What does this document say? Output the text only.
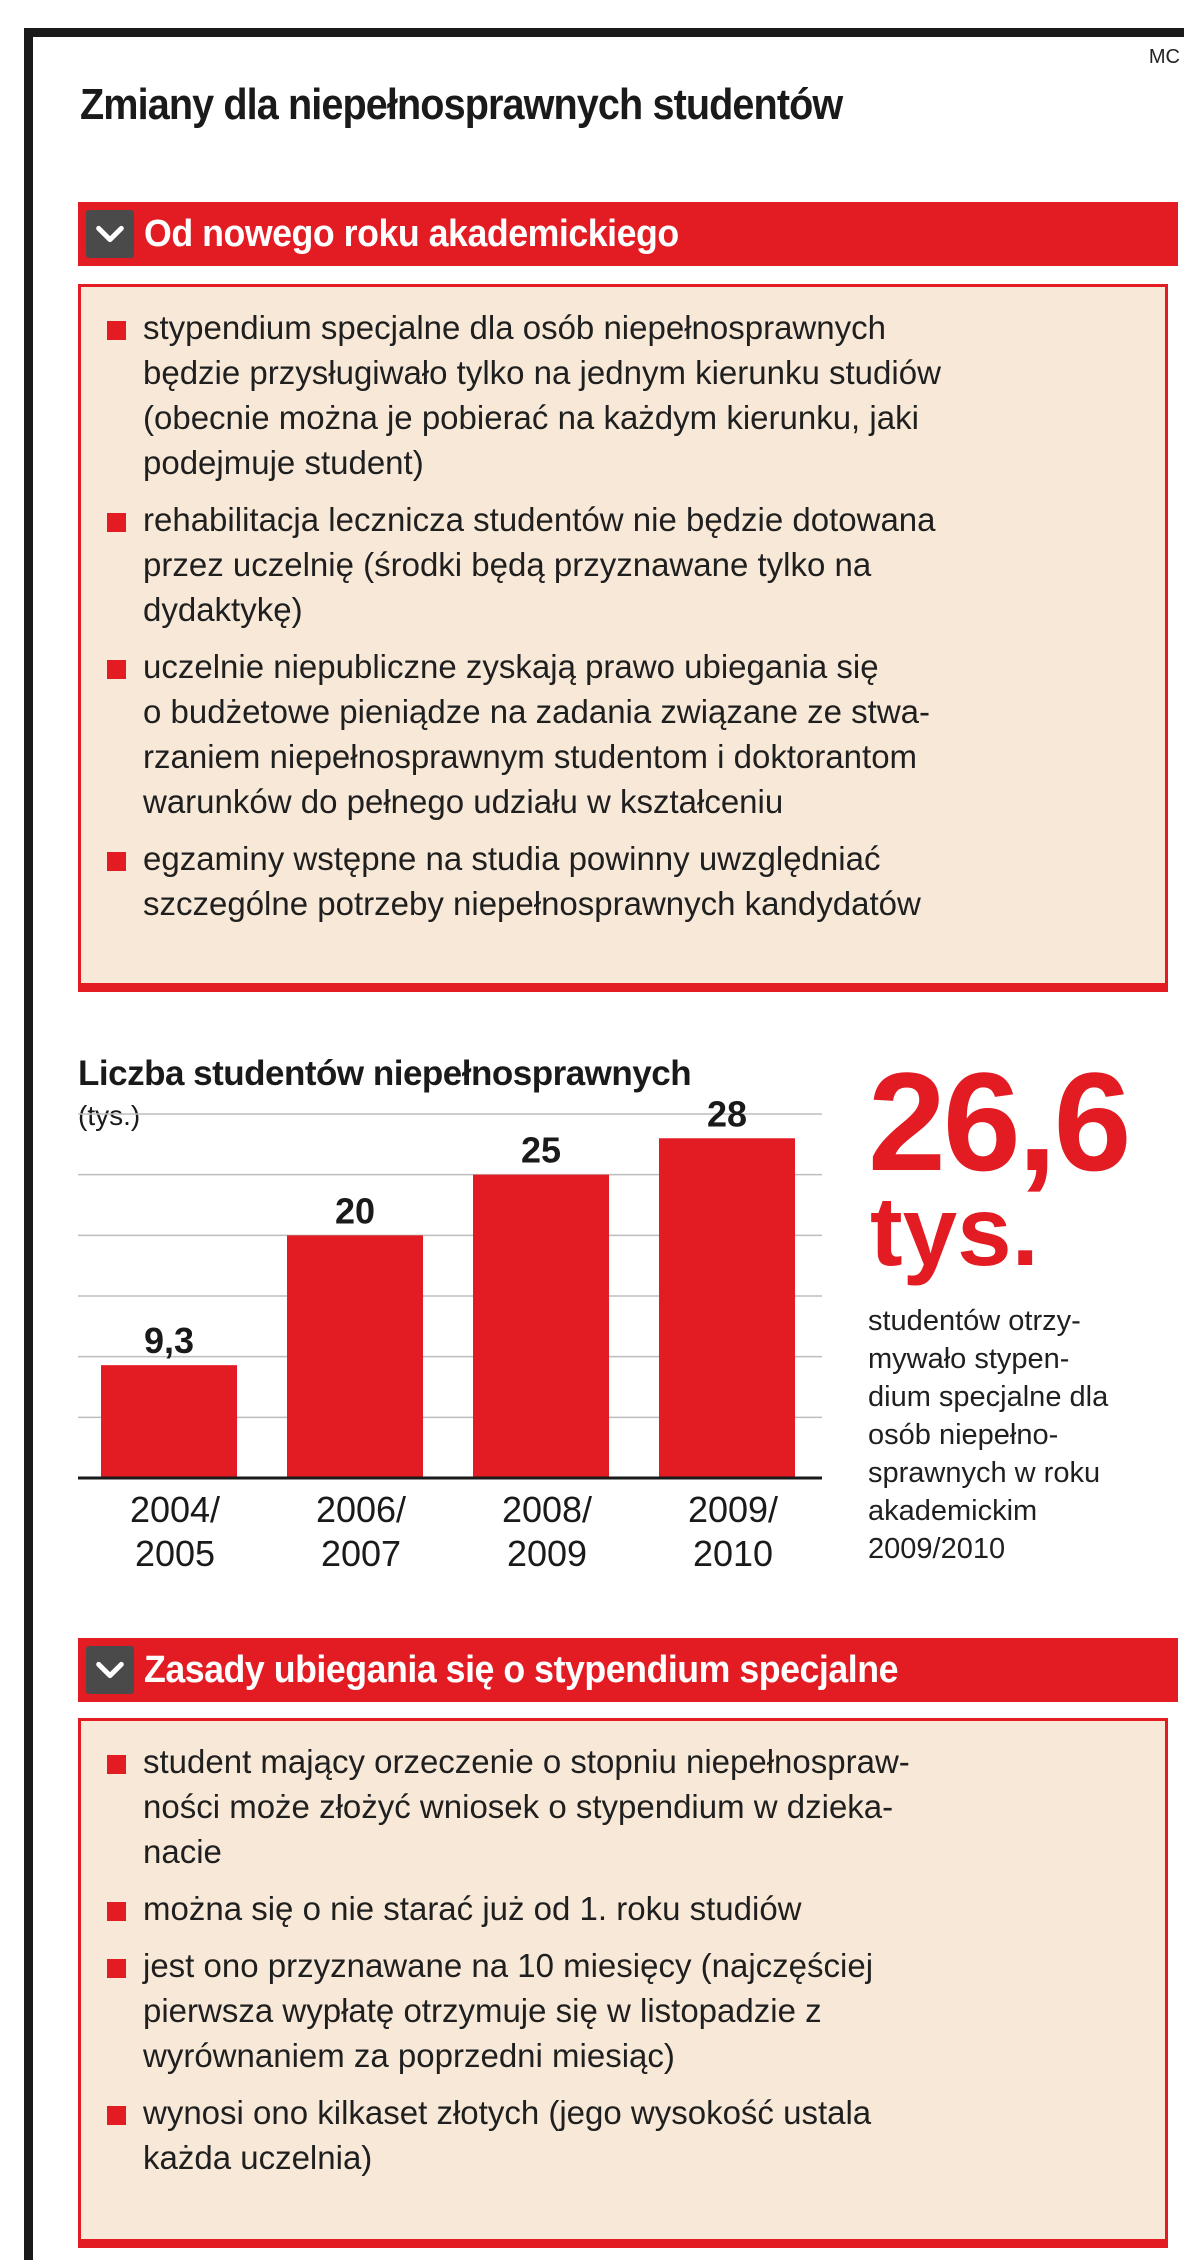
MC
Zmiany dla niepełnosprawnych studentów
Od nowego roku akademickiego
stypendium specjalne dla osób niepełnosprawnych
będzie przysługiwało tylko na jednym kierunku studiów
(obecnie można je pobierać na każdym kierunku, jaki
podejmuje student)
rehabilitacja lecznicza studentów nie będzie dotowana
przez uczelnię (środki będą przyznawane tylko na
dydaktykę)
uczelnie niepubliczne zyskają prawo ubiegania się
o budżetowe pieniądze na zadania związane ze stwa-
rzaniem niepełnosprawnym studentom i doktorantom
warunków do pełnego udziału w kształceniu
egzaminy wstępne na studia powinny uwzględniać
szczególne potrzeby niepełnosprawnych kandydatów
Liczba studentów niepełnosprawnych
(tys.)
9,3
2004/
2005
20
2006/
2007
25
2008/
2009
28
2009/
2010
26,6
tys.
studentów otrzy-
mywało stypen-
dium specjalne dla
osób niepełno-
sprawnych w roku
akademickim
2009/2010
Zasady ubiegania się o stypendium specjalne
student mający orzeczenie o stopniu niepełnospraw-
ności może złożyć wniosek o stypendium w dzieka-
nacie
można się o nie starać już od 1. roku studiów
jest ono przyznawane na 10 miesięcy (najczęściej
pierwsza wypłatę otrzymuje się w listopadzie z
wyrównaniem za poprzedni miesiąc)
wynosi ono kilkaset złotych (jego wysokość ustala
każda uczelnia)
